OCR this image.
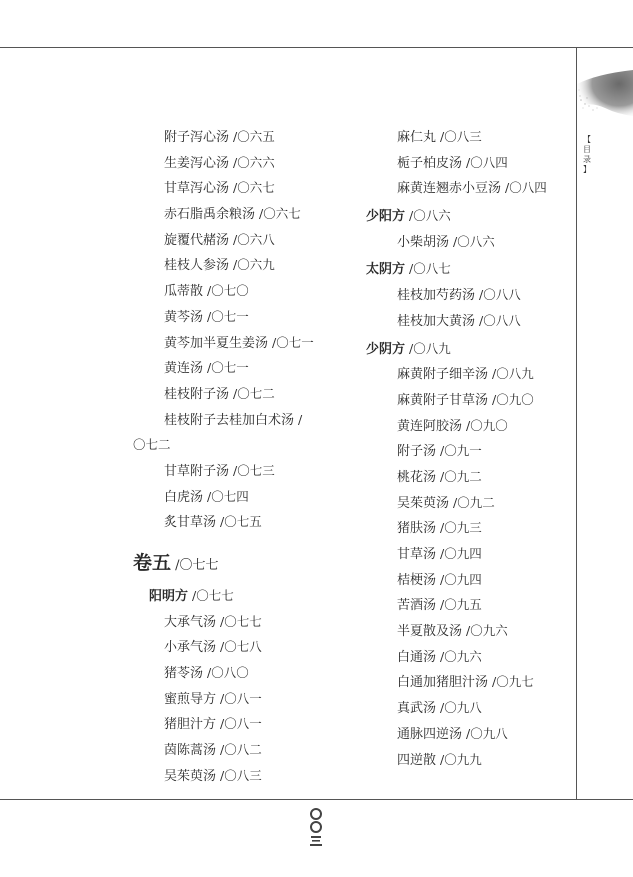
【
目
录
】
附子泻心汤 /〇六五
生姜泻心汤 /〇六六
甘草泻心汤 /〇六七
赤石脂禹余粮汤 /〇六七
旋覆代赭汤 /〇六八
桂枝人参汤 /〇六九
瓜蒂散 /〇七〇
黄芩汤 /〇七一
黄芩加半夏生姜汤 /〇七一
黄连汤 /〇七一
桂枝附子汤 /〇七二
桂枝附子去桂加白术汤 /
〇七二
甘草附子汤 /〇七三
白虎汤 /〇七四
炙甘草汤 /〇七五
卷五 /〇七七
阳明方 /〇七七
大承气汤 /〇七七
小承气汤 /〇七八
猪苓汤 /〇八〇
蜜煎导方 /〇八一
猪胆汁方 /〇八一
茵陈蒿汤 /〇八二
吴茱萸汤 /〇八三
麻仁丸 /〇八三
栀子柏皮汤 /〇八四
麻黄连翘赤小豆汤 /〇八四
少阳方 /〇八六
小柴胡汤 /〇八六
太阴方 /〇八七
桂枝加芍药汤 /〇八八
桂枝加大黄汤 /〇八八
少阴方 /〇八九
麻黄附子细辛汤 /〇八九
麻黄附子甘草汤 /〇九〇
黄连阿胶汤 /〇九〇
附子汤 /〇九一
桃花汤 /〇九二
吴茱萸汤 /〇九二
猪肤汤 /〇九三
甘草汤 /〇九四
桔梗汤 /〇九四
苦酒汤 /〇九五
半夏散及汤 /〇九六
白通汤 /〇九六
白通加猪胆汁汤 /〇九七
真武汤 /〇九八
通脉四逆汤 /〇九八
四逆散 /〇九九
